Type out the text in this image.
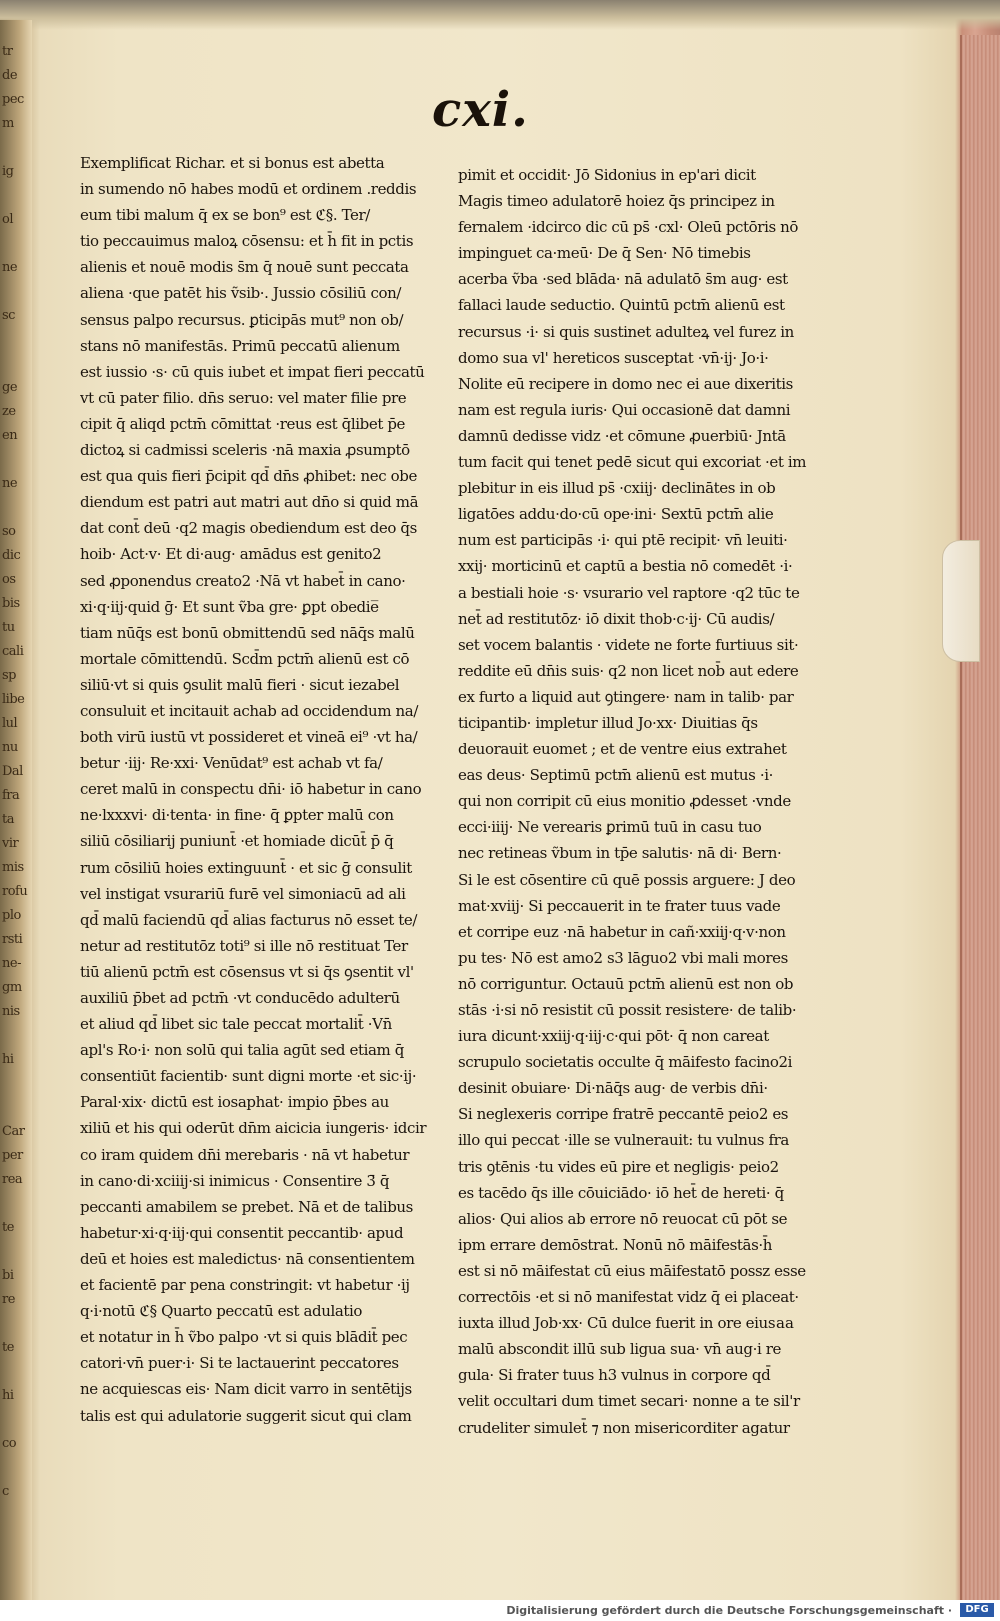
tr
de
pec
m

ig

ol

ne

sc

ge
ze
en

ne

so
dic
os
bis
tu
cali
sp
libe
lul
nu
Dal
fra
ta
vir
mis
rofu
plo
rsti
ne-
gm
nis

hi

Car
per
rea

te

bi
re

te

hi

co

c
cxi.
Exemplificat Richar. et si bonus est abetta
in sumendo nō habes modū et ordinem .reddis
eum tibi malum q̄ ex se bon⁹ est ℭ§. Ter∕
tio peccauimus maloꝝ cōsensu: et h̄ fit in pctis
alienis et nouē modis s̄m q̄ nouē sunt peccata
aliena ·que patēt his ṽsib·. Jussio cōsiliū con∕
sensus palpo recursus. ꝑticipās mut⁹ non ob∕
stans nō manifestās. Primū peccatū alienum
est iussio ·s· cū quis iubet et impat fieri peccatū
vt cū pater filio. dn̄s seruo: vel mater filie pre
cipit q̄ aliqd pctm̄ cōmittat ·reus est q̄libet p̄e
dictoꝝ si cadmissi sceleris ·nā maxia ꝓsumptō
est qua quis fieri p̄cipit qd̄ dn̄s ꝓhibet: nec obe
diendum est patri aut matri aut dn̄o si quid mā
dat cont̄ deū ·q2 magis obediendum est deo q̄s
hoib· Act·v· Et di·aug· amādus est genito2
sed ꝓponendus creato2 ·Nā vt habet̄ in cano·
xi·q·iij·quid ḡ· Et sunt ṽba gre· ꝑpt obedie̅
tiam nūq̄s est bonū obmittendū sed nāq̄s malū
mortale cōmittendū. Scd̄m pctm̄ alienū est cō
siliū·vt si quis ꝯsulit malū fieri · sicut iezabel
consuluit et incitauit achab ad occidendum na∕
both virū iustū vt possideret et vineā ei⁹ ·vt ha∕
betur ·iij· Re·xxi· Venūdat⁹ est achab vt fa∕
ceret malū in conspectu dn̄i· iō habetur in cano
ne·lxxxvi· di·tenta· in fine· q̄ ꝑpter malū con
siliū cōsiliarij puniunt̄ ·et homiade dicūt̄ p̄ q̄
rum cōsiliū hoies extinguunt̄ · et sic ḡ consulit
vel instigat vsurariū furē vel simoniacū ad ali
qd̄ malū faciendū qd̄ alias facturus nō esset te∕
netur ad restitutōz toti⁹ si ille nō restituat Ter
tiū alienū pctm̄ est cōsensus vt si q̄s ꝯsentit vl'
auxiliū p̄bet ad pctm̄ ·vt conducēdo adulterū
et aliud qd̄ libet sic tale peccat mortalit̄ ·Vn̄
apl's Ro·i· non solū qui talia agūt sed etiam q̄
consentiūt facientib· sunt digni morte ·et sic·ij·
Paral·xix· dictū est iosaphat· impio p̄bes au
xiliū et his qui oderūt dn̄m aicicia iungeris· idcir
co iram quidem dn̄i merebaris · nā vt habetur
in cano·di·xciiij·si inimicus · Consentire 3̄ q̄
peccanti amabilem se prebet. Nā et de talibus
habetur·xi·q·iij·qui consentit peccantib· apud
deū et hoies est maledictus· nā consentientem
et facientē par pena constringit: vt habetur ·ij
q·i·notū ℭ§ Quarto peccatū est adulatio
et notatur in h̄ ṽbo palpo ·vt si quis blādit̄ pec
catori·vn̄ puer·i· Si te lactauerint peccatores
ne acquiescas eis· Nam dicit varro in sentētijs
talis est qui adulatorie suggerit sicut qui clam
pimit et occidit· Jō Sidonius in ep'ari dicit
Magis timeo adulatorē hoiez q̄s principez in
fernalem ·idcirco dic cū ps̄ ·cxl· Oleū pctōris nō
impinguet ca·meū· De q̄ Sen· Nō timebis
acerba ṽba ·sed blāda· nā adulatō s̄m aug· est
fallaci laude seductio. Quintū pctm̄ alienū est
recursus ·i· si quis sustinet adulteꝝ vel furez in
domo sua vl' hereticos susceptat ·vn̄·ij· Jo·i·
Nolite eū recipere in domo nec ei aue dixeritis
nam est regula iuris· Qui occasionē dat damni
damnū dedisse vidz ·et cōmune ꝓuerbiū· Jntā
tum facit qui tenet pedē sicut qui excoriat ·et im
plebitur in eis illud ps̄ ·cxiij· declinātes in ob
ligatōes addu·do·cū ope·ini· Sextū pctm̄ alie
num est participās ·i· qui ptē recipit· vn̄ leuiti·
xxij· morticinū et captū a bestia nō comedēt ·i·
a bestiali hoie ·s· vsurario vel raptore ·q2 tūc te
net̄ ad restitutōz· iō dixit thob·c·ij· Cū audis∕
set vocem balantis · videte ne forte furtiuus sit·
reddite eū dn̄is suis· q2 non licet nob̄ aut edere
ex furto a liquid aut ꝯtingere· nam in talib· par
ticipantib· impletur illud Jo·xx· Diuitias q̄s
deuorauit euomet ; et de ventre eius extrahet
eas deus· Septimū pctm̄ alienū est mutus ·i·
qui non corripit cū eius monitio ꝓdesset ·vnde
ecci·iiij· Ne verearis ꝑrimū tuū in casu tuo
nec retineas ṽbum in tp̄e salutis· nā di· Bern·
Si le est cōsentire cū quē possis arguere: J deo
mat·xviij· Si peccauerit in te frater tuus vade
et corripe euz ·nā habetur in cañ·xxiij·q·v·non
pu tes· Nō est amo2 s3 lāguo2 vbi mali mores
nō corriguntur. Octauū pctm̄ alienū est non ob
stās ·i·si nō resistit cū possit resistere· de talib·
iura dicunt·xxiij·q·iij·c·qui pōt· q̄ non careat
scrupulo societatis occulte q̄ māifesto facino2i
desinit obuiare· Di·nāq̄s aug· de verbis dn̄i·
Si neglexeris corripe fratrē peccantē peio2 es
illo qui peccat ·ille se vulnerauit: tu vulnus fra
tris ꝯtēnis ·tu vides eū pire et negligis· peio2
es tacēdo q̄s ille cōuiciādo· iō het̄ de hereti· q̄
alios· Qui alios ab errore nō reuocat cū pōt se
ipm errare demōstrat. Nonū nō māifestās·h̄
est si nō māifestat cū eius māifestatō possz esse
correctōis ·et si nō manifestat vidz q̄ ei placeat·
iuxta illud Job·xx· Cū dulce fuerit in ore eius
malū abscondit illū sub ligua sua· vn̄ aug·i re
gula· Si frater tuus h3 vulnus in corpore qd̄
velit occultari dum timet secari· nonne a te sil'r
crudeliter simulet̄ ⁊ non misericorditer agatur
aa
Digitalisierung gefördert durch die Deutsche Forschungsgemeinschaft ·	DFG
